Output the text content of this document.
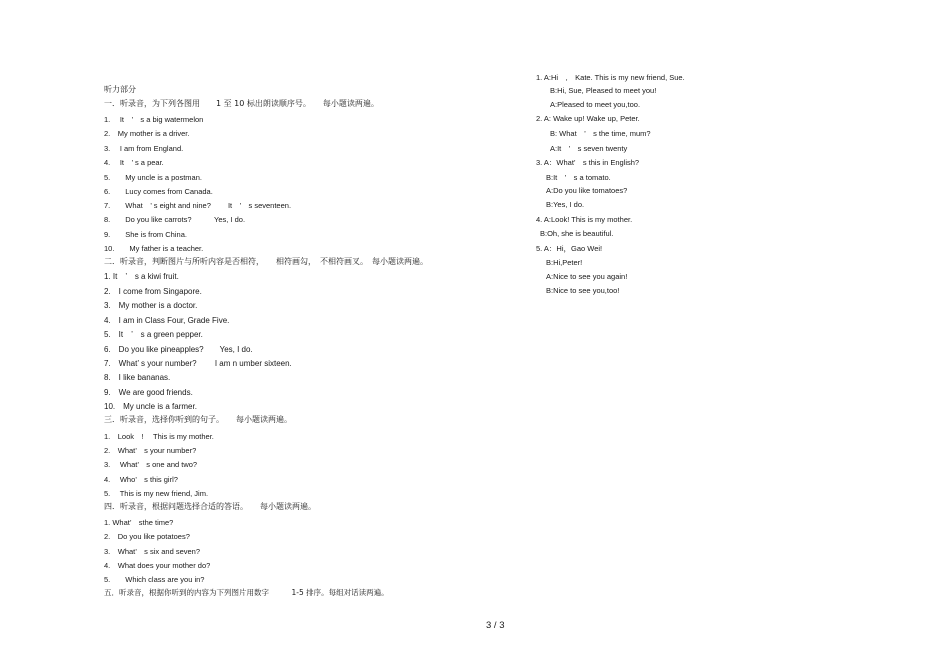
听力部分
一．听录音，为下列各图用　　1 至 10 标出朗读顺序号。　　每小题读两遍。
1.　 It　’　s a big watermelon
2.　My mother is a driver.
3.　 I am from England.
4.　 It　’ s a pear.
5.　　My uncle is a postman.
6.　　Lucy comes from Canada.
7.　　What　’ s eight and nine?　　 It　’　s seventeen.
8.　　Do you like carrots?　　　Yes, I do.
9.　　She is from China.
10.　　My father is a teacher.
二．听录音，判断图片与所听内容是否相符，　　相符画勾，　不相符画叉。　每小题读两遍。
1. It　’　s a kiwi fruit.
2.　I come from Singapore.
3.　My mother is a doctor.
4.　I am in Class Four, Grade Five.
5.　It　’　s a green pepper.
6.　Do you like pineapples?　　Yes, I do.
7.　What’ s your number?　　 I am n umber sixteen.
8.　I like bananas.
9.　We are good friends.
10.　My uncle is a farmer.
三．听录音，选择你听到的句子。　　每小题读两遍。
1.　Look　!　 This is my mother.
2.　What’　s your number?
3.　 What’　s one and two?
4.　 Who’　s this girl?
5.　 This is my new friend, Jim.
四．听录音，根据问题选择合适的答语。　　每小题读两遍。
1. What’　sthe time?
2.　Do you like potatoes?
3.　What’　s six and seven?
4.　What does your mother do?
5.　　Which class are you in?
五．听录音，根据你听到的内容为下列图片用数字　　　1-5 排序。每组对话读两遍。
1. A:Hi　,　Kate. This is my new friend, Sue.
B:Hi, Sue, Pleased to meet you!
A:Pleased to meet you,too.
2. A: Wake up! Wake up, Peter.
B: What　’　s the time, mum?
A:It　’　s seven twenty
3. A：What’　s this in English?
B:It　’　s a tomato.
A:Do you like tomatoes?
B:Yes, I do.
4. A:Look! This is my mother.
B:Oh, she is beautiful.
5. A：Hi，Gao Wei!
B:Hi,Peter!
A:Nice to see you again!
B:Nice to see you,too!
3 / 3
